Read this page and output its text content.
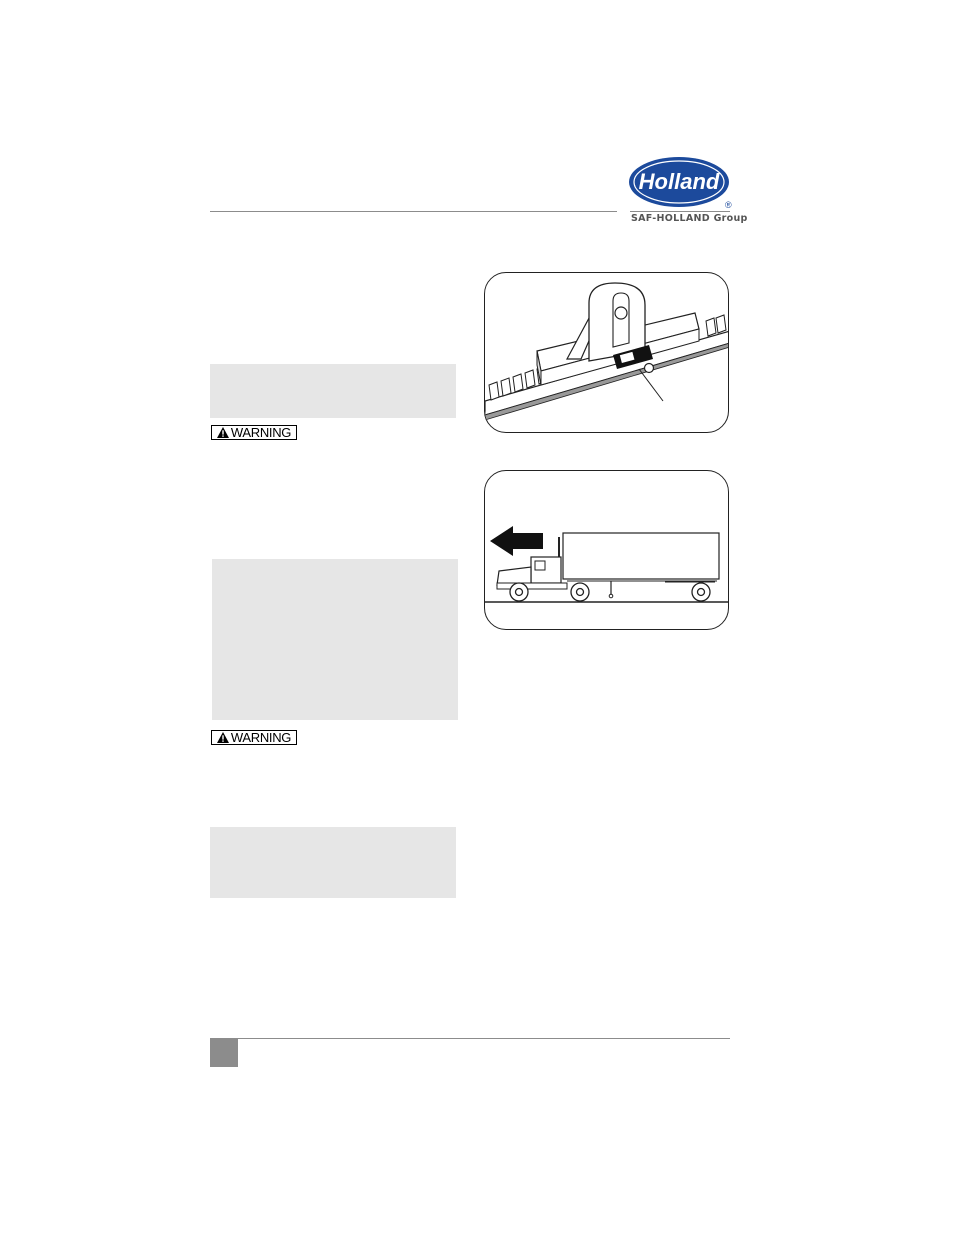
Holland
®
SAF-HOLLAND Group
WARNING
WARNING
